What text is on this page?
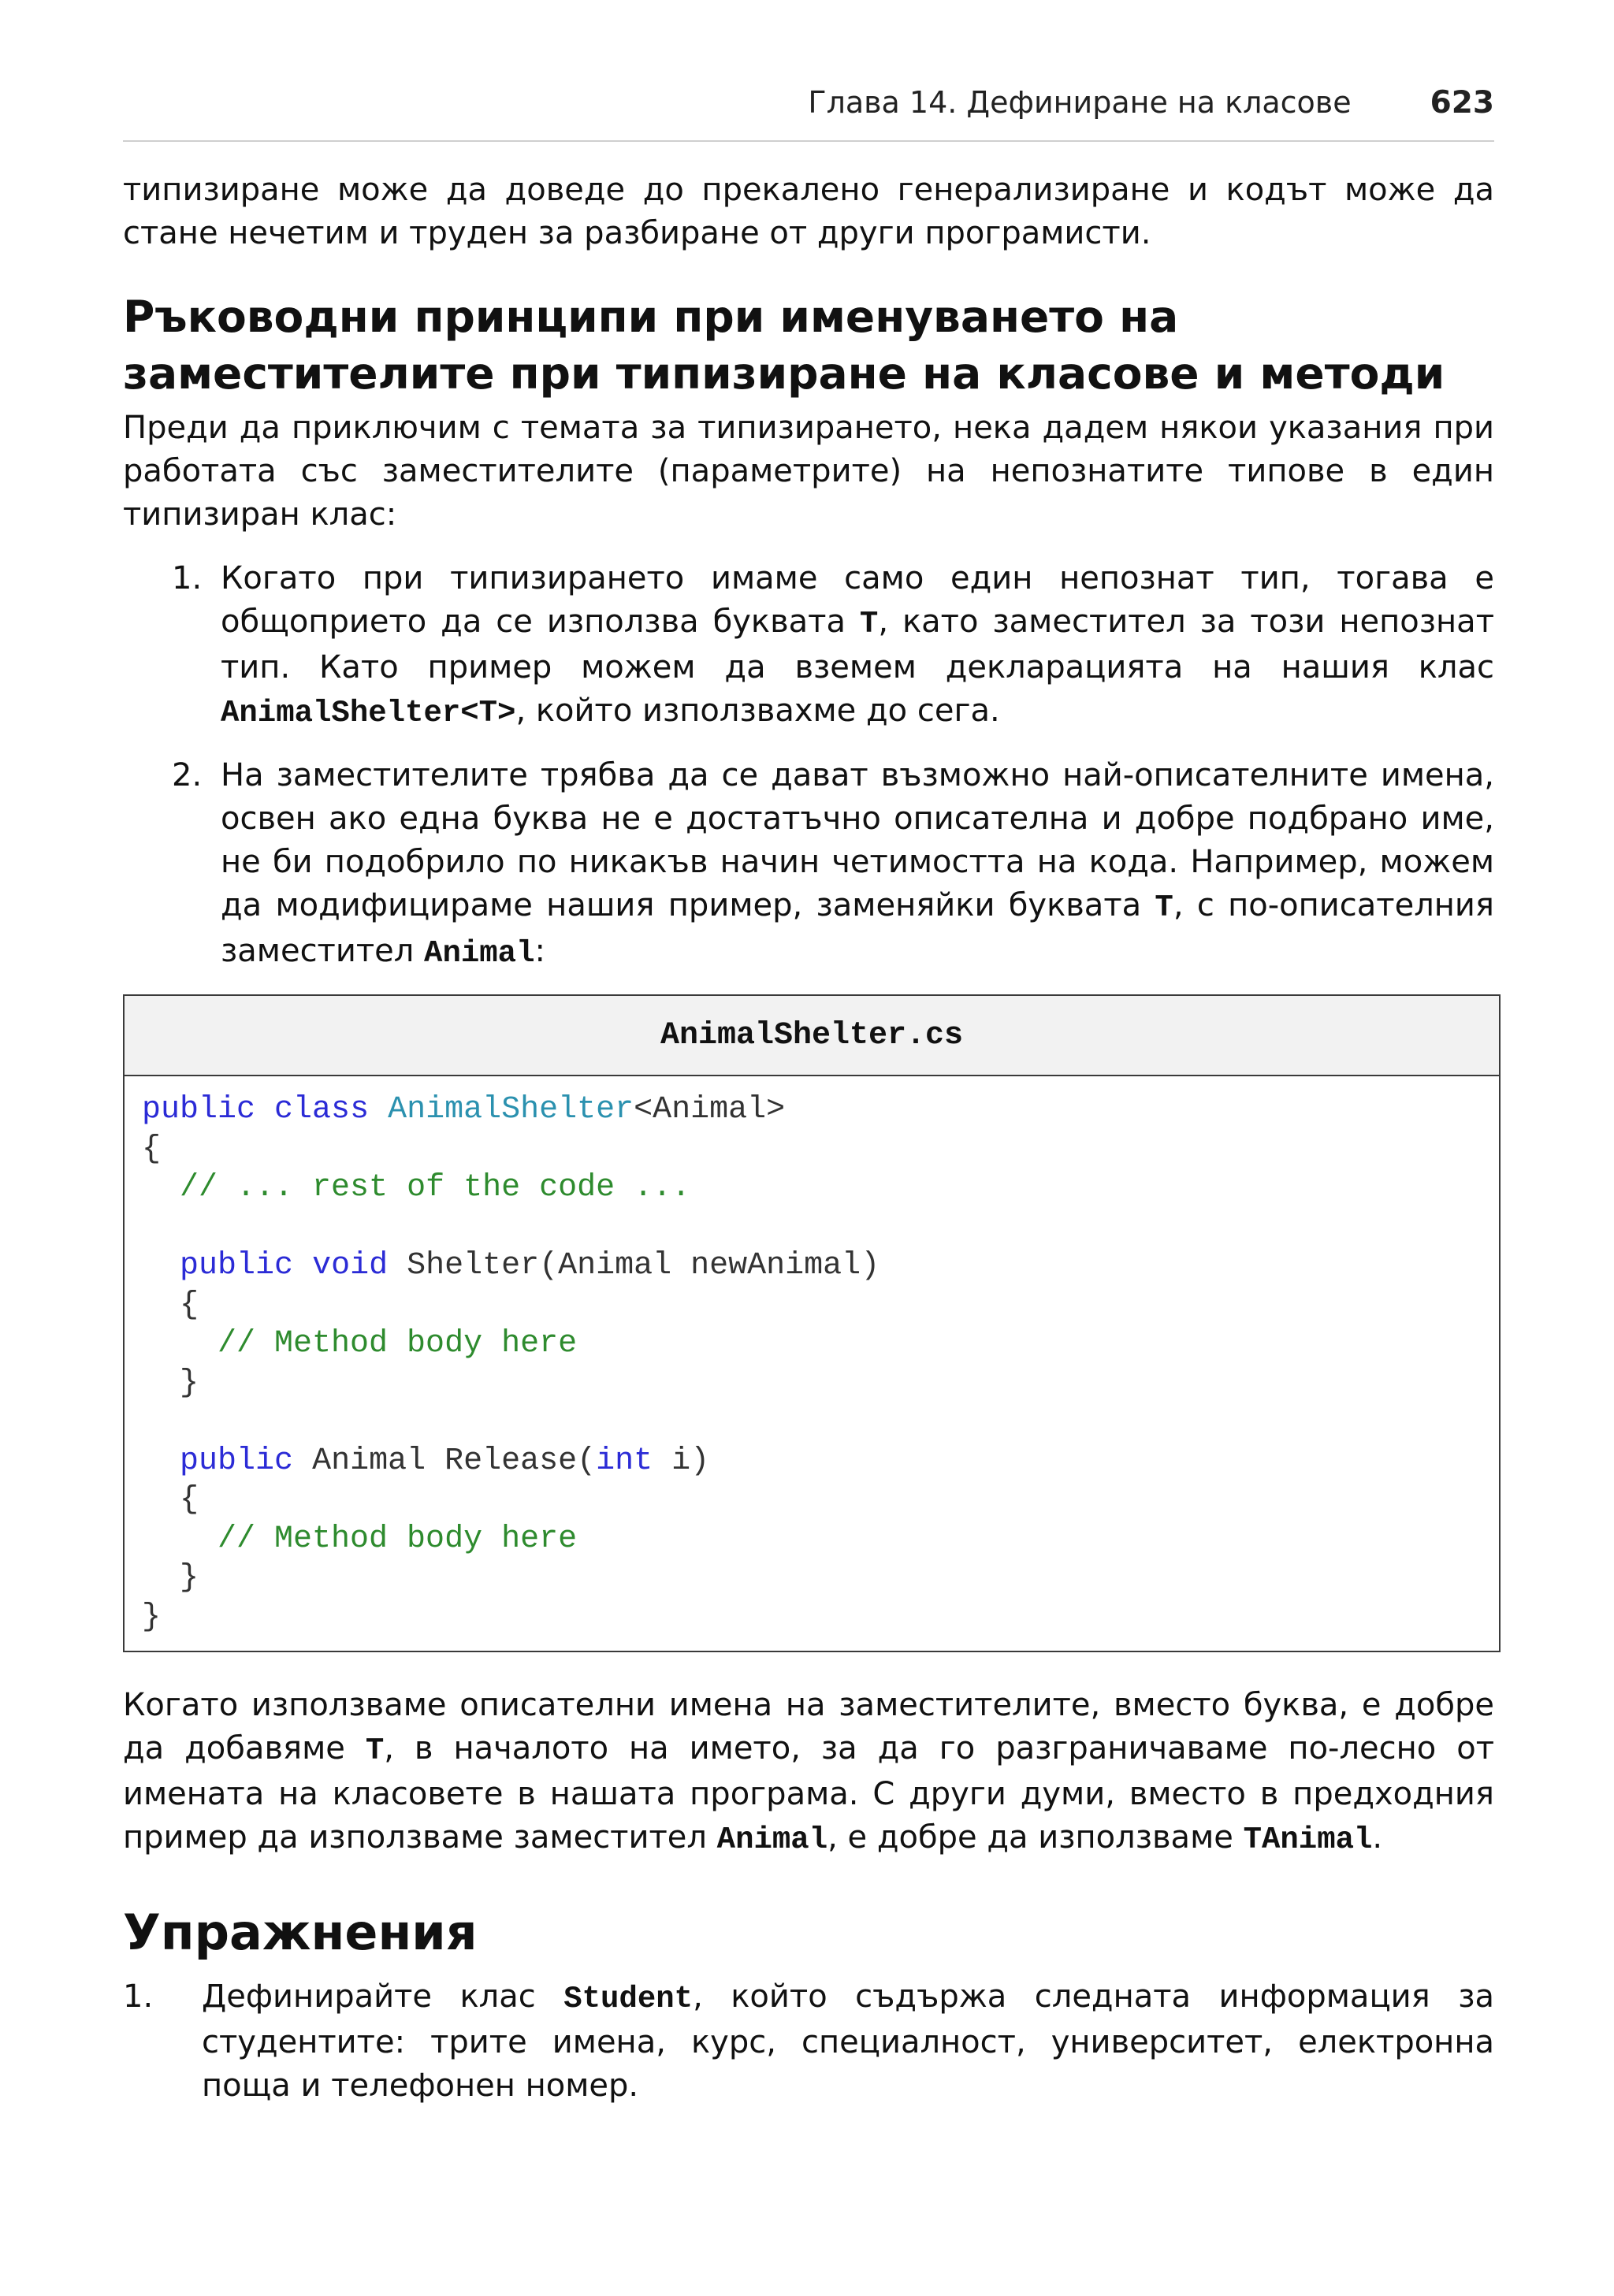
Глава 14. Дефиниране на класове	623

типизиране може да доведе до прекалено генерализиране и кодът може да стане нечетим и труден за разбиране от други програмисти.

Ръководни принципи при именуването на заместителите при типизиране на класове и методи

Преди да приключим с темата за типизирането, нека дадем някои указания при работата със заместителите (параметрите) на непознатите типове в един типизиран клас:

1. Когато при типизирането имаме само един непознат тип, тогава е общоприето да се използва буквата T, като заместител за този непознат тип. Като пример можем да вземем декларацията на нашия клас AnimalShelter<T>, който използвахме до сега.

2. На заместителите трябва да се дават възможно най-описателните имена, освен ако една буква не е достатъчно описателна и добре подбрано име, не би подобрило по никакъв начин четимостта на кода. Например, можем да модифицираме нашия пример, заменяйки буквата T, с по-описателния заместител Animal:

AnimalShelter.cs
public class AnimalShelter<Animal>
{
// ... rest of the code ...

public void Shelter(Animal newAnimal)
{
// Method body here
}

public Animal Release(int i)
{
// Method body here
}
}

Когато използваме описателни имена на заместителите, вместо буква, е добре да добавяме T, в началото на името, за да го разграничаваме по-лесно от имената на класовете в нашата програма. С други думи, вместо в предходния пример да използваме заместител Animal, е добре да използваме TAnimal.

Упражнения
1. Дефинирайте клас Student, който съдържа следната информация за студентите: трите имена, курс, специалност, университет, електронна поща и телефонен номер.
